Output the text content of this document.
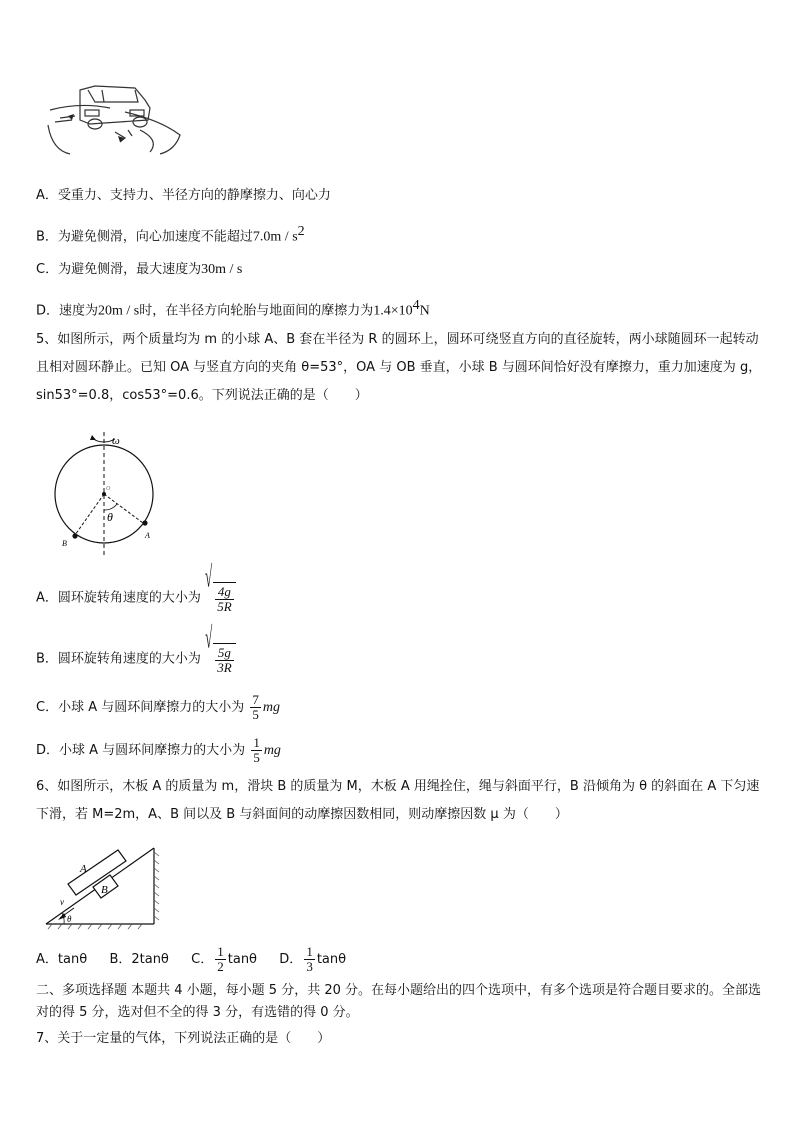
A．受重力、支持力、半径方向的静摩擦力、向心力
B．为避免侧滑，向心加速度不能超过$7.0m / s^2$
C．为避免侧滑，最大速度为30m / s
D．速度为20m / s时，在半径方向轮胎与地面间的摩擦力为$1.4\times 10^4N$
5、如图所示，两个质量均为 m 的小球 A、B 套在半径为 R 的圆环上，圆环可绕竖直方向的直径旋转，两小球随圆环一起转动且相对圆环静止。已知 OA 与竖直方向的夹角 θ=53°，OA 与 OB 垂直，小球 B 与圆环间恰好没有摩擦力，重力加速度为 g，sin53°=0.8，cos53°=0.6。下列说法正确的是（　　）
ω
O
θ
A
B
A．圆环旋转角速度的大小为 √
$\frac{4g}{5R}$
B．圆环旋转角速度的大小为 √
$\frac{5g}{3R}$
C．小球 A 与圆环间摩擦力的大小为 $\frac{7}{5}$ mg
D．小球 A 与圆环间摩擦力的大小为 $\frac{1}{5}$ mg
6、如图所示，木板 A 的质量为 m，滑块 B 的质量为 M，木板 A 用绳拴住，绳与斜面平行，B 沿倾角为 θ 的斜面在 A 下匀速下滑，若 M=2m，A、B 间以及 B 与斜面间的动摩擦因数相同，则动摩擦因数 μ 为（　　）
A
B
v
θ
A．tanθ B．2tanθ C． $\frac{1}{2}$ tanθ D． $\frac{1}{3}$ tanθ
二、多项选择题 本题共 4 小题，每小题 5 分，共 20 分。在每小题给出的四个选项中，有多个选项是符合题目要求的。全部选对的得 5 分，选对但不全的得 3 分，有选错的得 0 分。
7、关于一定量的气体，下列说法正确的是（　　）
